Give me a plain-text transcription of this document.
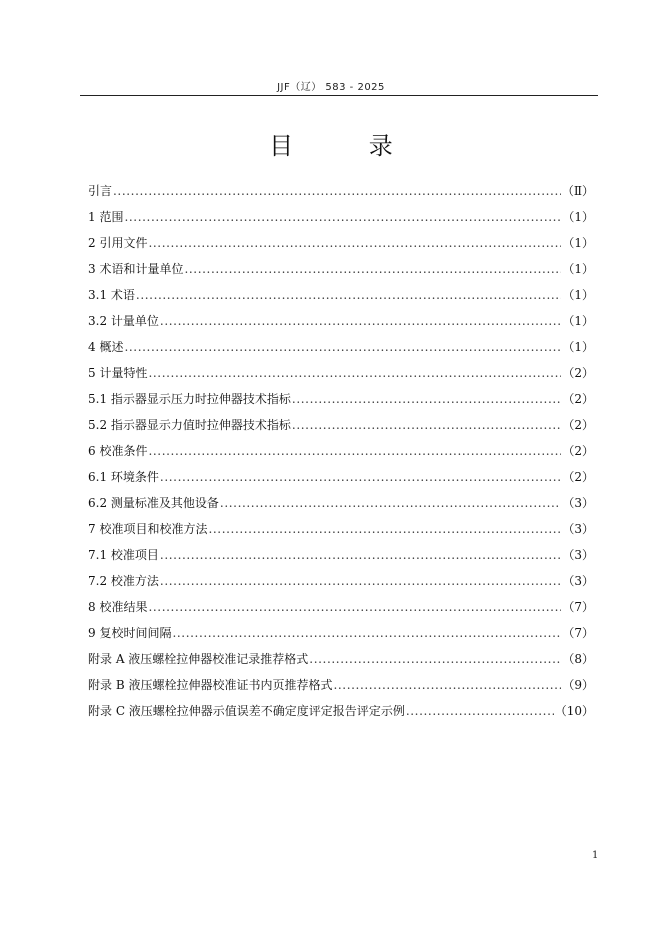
JJF（辽） 583 - 2025
目 录
引言 .....	（Ⅱ）
1 范围 .....	（1）
2 引用文件 .....	（1）
3 术语和计量单位 .....	（1）
3.1 术语 .....	（1）
3.2 计量单位 .....	（1）
4 概述 .....	（1）
5 计量特性 .....	（2）
5.1 指示器显示压力时拉伸器技术指标 .....	（2）
5.2 指示器显示力值时拉伸器技术指标 .....	（2）
6 校准条件 .....	（2）
6.1 环境条件 .....	（2）
6.2 测量标准及其他设备 .....	（3）
7 校准项目和校准方法 .....	（3）
7.1 校准项目 .....	（3）
7.2 校准方法 .....	（3）
8 校准结果 .....	（7）
9 复校时间间隔 .....	（7）
附录 A 液压螺栓拉伸器校准记录推荐格式 .....	（8）
附录 B 液压螺栓拉伸器校准证书内页推荐格式 .....	（9）
附录 C 液压螺栓拉伸器示值误差不确定度评定报告评定示例 .....	（10）
1
